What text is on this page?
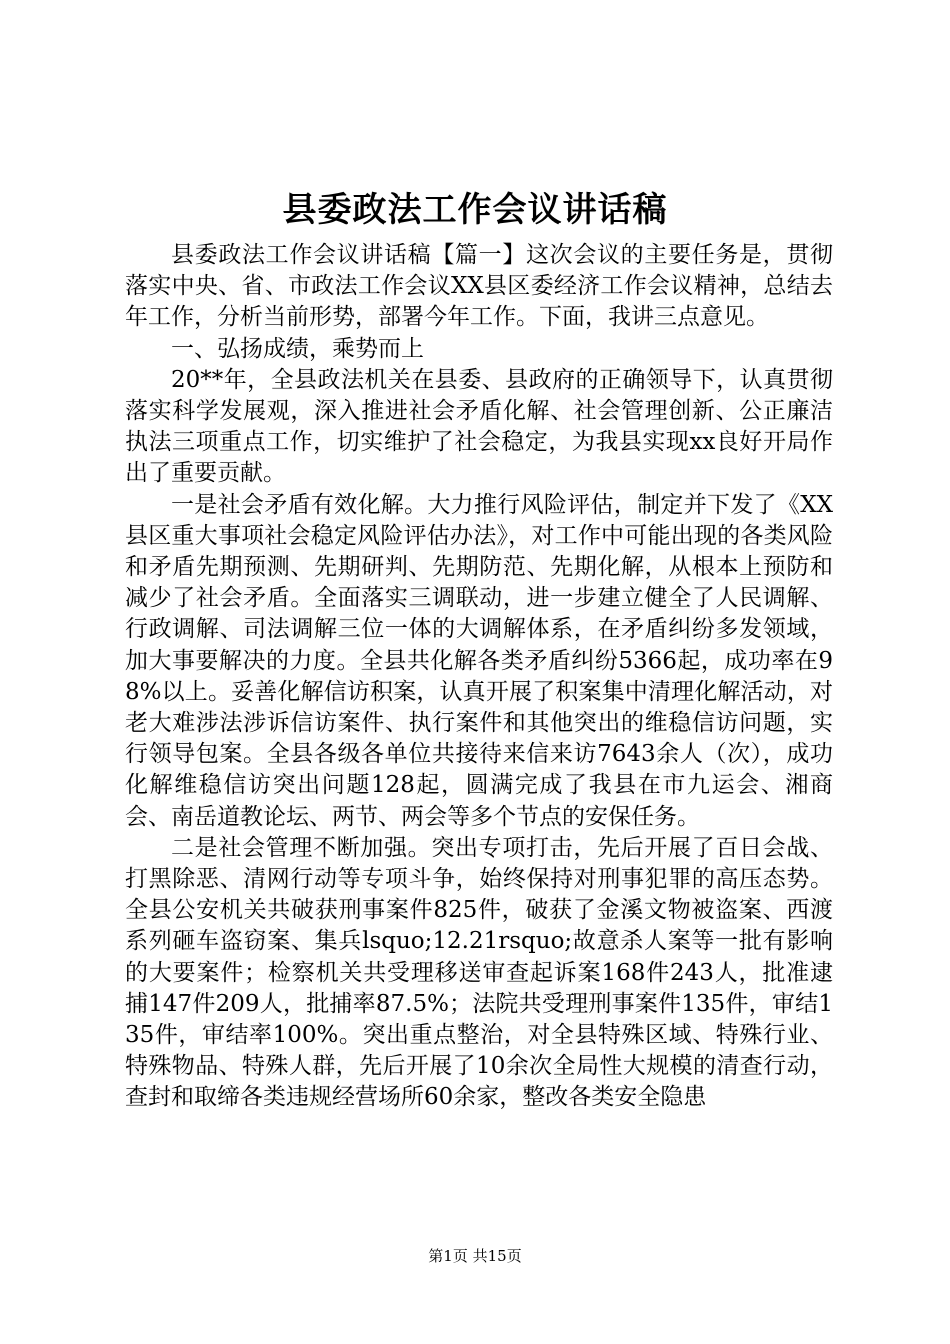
县委政法工作会议讲话稿

县委政法工作会议讲话稿【篇一】这次会议的主要任务是，贯彻落实中央、省、市政法工作会议XX县区委经济工作会议精神，总结去年工作，分析当前形势，部署今年工作。下面，我讲三点意见。

一、弘扬成绩，乘势而上

20**年，全县政法机关在县委、县政府的正确领导下，认真贯彻落实科学发展观，深入推进社会矛盾化解、社会管理创新、公正廉洁执法三项重点工作，切实维护了社会稳定，为我县实现xx良好开局作出了重要贡献。

一是社会矛盾有效化解。大力推行风险评估，制定并下发了《XX县区重大事项社会稳定风险评估办法》，对工作中可能出现的各类风险和矛盾先期预测、先期研判、先期防范、先期化解，从根本上预防和减少了社会矛盾。全面落实三调联动，进一步建立健全了人民调解、行政调解、司法调解三位一体的大调解体系，在矛盾纠纷多发领域，加大事要解决的力度。全县共化解各类矛盾纠纷5366起，成功率在98%以上。妥善化解信访积案，认真开展了积案集中清理化解活动，对老大难涉法涉诉信访案件、执行案件和其他突出的维稳信访问题，实行领导包案。全县各级各单位共接待来信来访7643余人（次），成功化解维稳信访突出问题128起，圆满完成了我县在市九运会、湘商会、南岳道教论坛、两节、两会等多个节点的安保任务。

二是社会管理不断加强。突出专项打击，先后开展了百日会战、打黑除恶、清网行动等专项斗争，始终保持对刑事犯罪的高压态势。全县公安机关共破获刑事案件825件，破获了金溪文物被盗案、西渡系列砸车盗窃案、集兵lsquo;12.21rsquo;故意杀人案等一批有影响的大要案件；检察机关共受理移送审查起诉案168件243人，批准逮捕147件209人，批捕率87.5%；法院共受理刑事案件135件，审结135件，审结率100%。突出重点整治，对全县特殊区域、特殊行业、特殊物品、特殊人群，先后开展了10余次全局性大规模的清查行动，查封和取缔各类违规经营场所60余家，整改各类安全隐患

第1页 共15页
